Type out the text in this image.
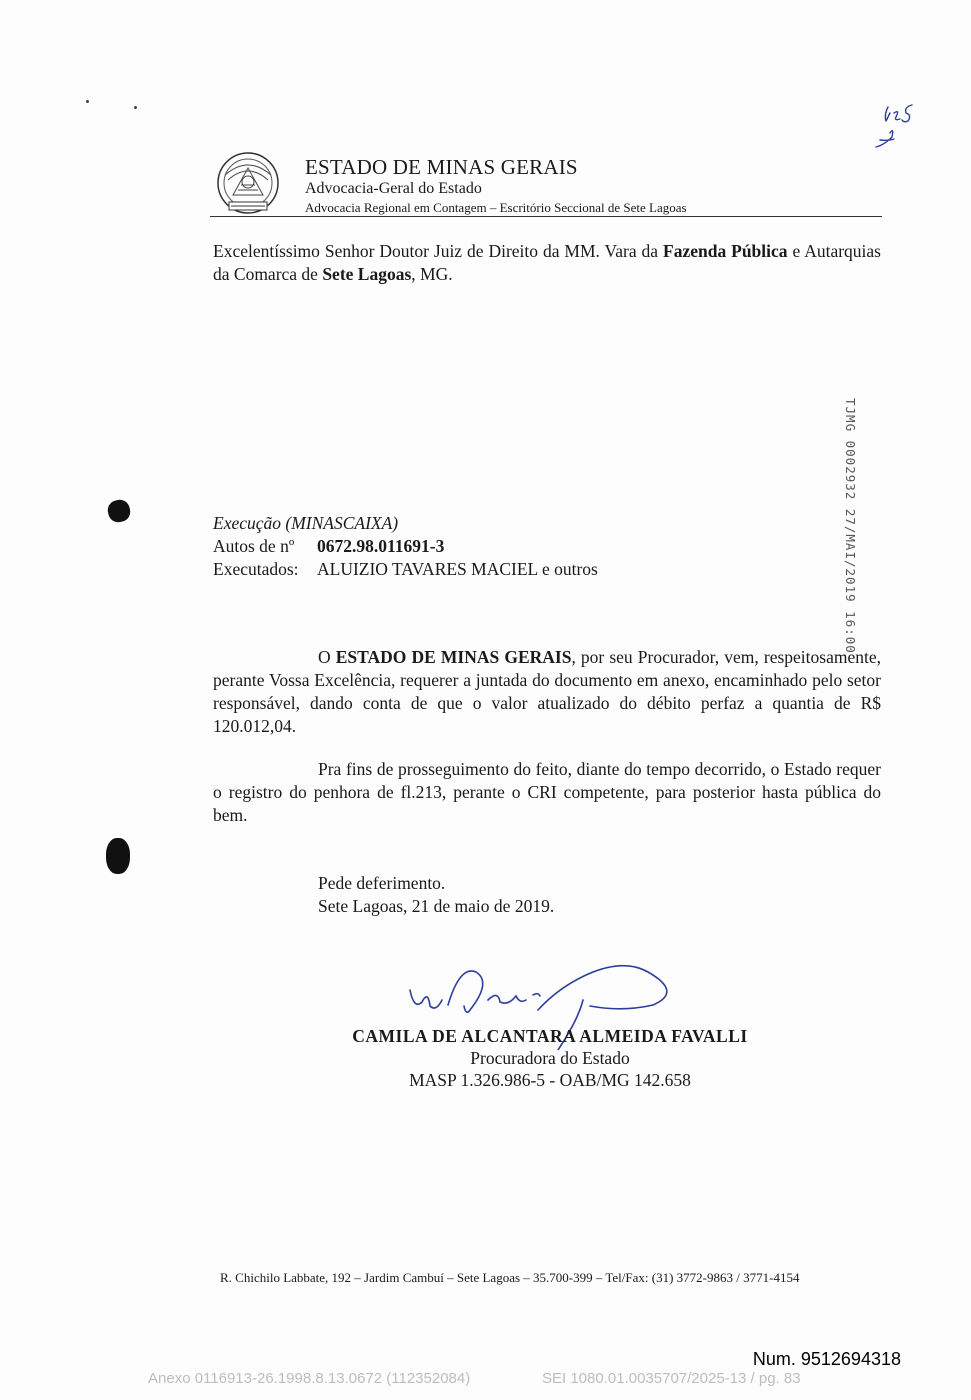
ESTADO DE MINAS GERAIS
Advocacia-Geral do Estado
Advocacia Regional em Contagem – Escritório Seccional de Sete Lagoas
125
Excelentíssimo Senhor Doutor Juiz de Direito da MM. Vara da Fazenda Pública e Autarquias da Comarca de Sete Lagoas, MG.
TJMG 0002932 27/MAI/2019 16:00
Execução (MINASCAIXA)
Autos de nº 0672.98.011691-3
Executados: ALUIZIO TAVARES MACIEL e outros
O ESTADO DE MINAS GERAIS, por seu Procurador, vem, respeitosamente, perante Vossa Excelência, requerer a juntada do documento em anexo, encaminhado pelo setor responsável, dando conta de que o valor atualizado do débito perfaz a quantia de R$ 120.012,04.
Pra fins de prosseguimento do feito, diante do tempo decorrido, o Estado requer o registro do penhora de fl.213, perante o CRI competente, para posterior hasta pública do bem.
Pede deferimento.
Sete Lagoas, 21 de maio de 2019.
CAMILA DE ALCANTARA ALMEIDA FAVALLI
Procuradora do Estado
MASP 1.326.986-5 - OAB/MG 142.658
R. Chichilo Labbate, 192 – Jardim Cambuí – Sete Lagoas – 35.700-399 – Tel/Fax: (31) 3772-9863 / 3771-4154
Num. 9512694318
Anexo 0116913-26.1998.8.13.0672 (112352084)	SEI 1080.01.0035707/2025-13 / pg. 83
